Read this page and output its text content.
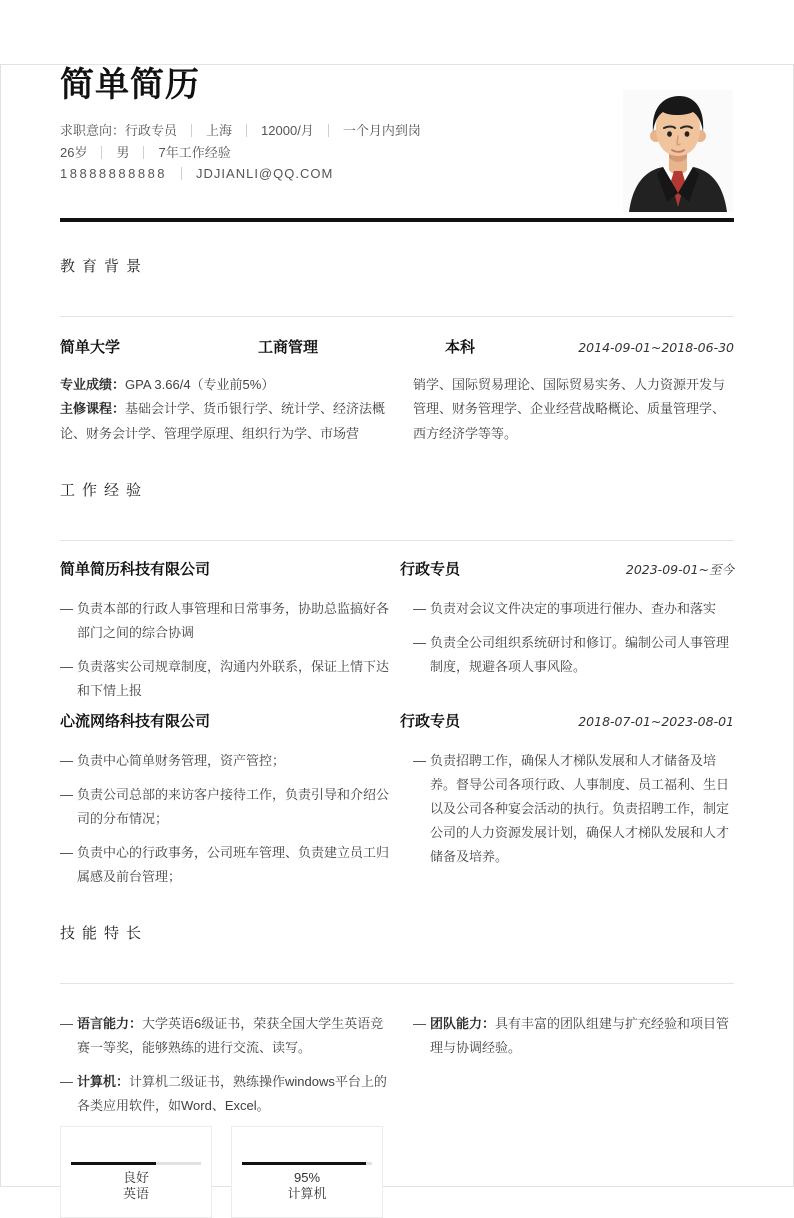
简单简历
求职意向： 行政专员 上海 12000/月 一个月内到岗
26岁 男 7年工作经验
18888888888 JDJIANLI@QQ.COM
教育背景
简单大学	工商管理	本科	2014-09-01~2018-06-30
专业成绩：GPA 3.66/4（专业前5%）
主修课程：基础会计学、货币银行学、统计学、经济法概论、财务会计学、管理学原理、组织行为学、市场营
销学、国际贸易理论、国际贸易实务、人力资源开发与管理、财务管理学、企业经营战略概论、质量管理学、西方经济学等等。
工作经验
简单简历科技有限公司	行政专员	2023-09-01~至今
— 负责本部的行政人事管理和日常事务，协助总监搞好各部门之间的综合协调
— 负责落实公司规章制度，沟通内外联系，保证上情下达和下情上报
— 负责对会议文件决定的事项进行催办、查办和落实
— 负责全公司组织系统研讨和修订。编制公司人事管理制度，规避各项人事风险。
心流网络科技有限公司	行政专员	2018-07-01~2023-08-01
— 负责中心简单财务管理，资产管控；
— 负责公司总部的来访客户接待工作，负责引导和介绍公司的分布情况；
— 负责中心的行政事务，公司班车管理、负责建立员工归属感及前台管理；
— 负责招聘工作，确保人才梯队发展和人才储备及培养。督导公司各项行政、人事制度、员工福利、生日以及公司各种宴会活动的执行。负责招聘工作，制定公司的人力资源发展计划，确保人才梯队发展和人才储备及培养。
技能特长
— 语言能力：大学英语6级证书，荣获全国大学生英语竞赛一等奖，能够熟练的进行交流、读写。
— 计算机：计算机二级证书，熟练操作windows平台上的各类应用软件，如Word、Excel。
— 团队能力：具有丰富的团队组建与扩充经验和项目管理与协调经验。
良好
英语
95%
计算机
